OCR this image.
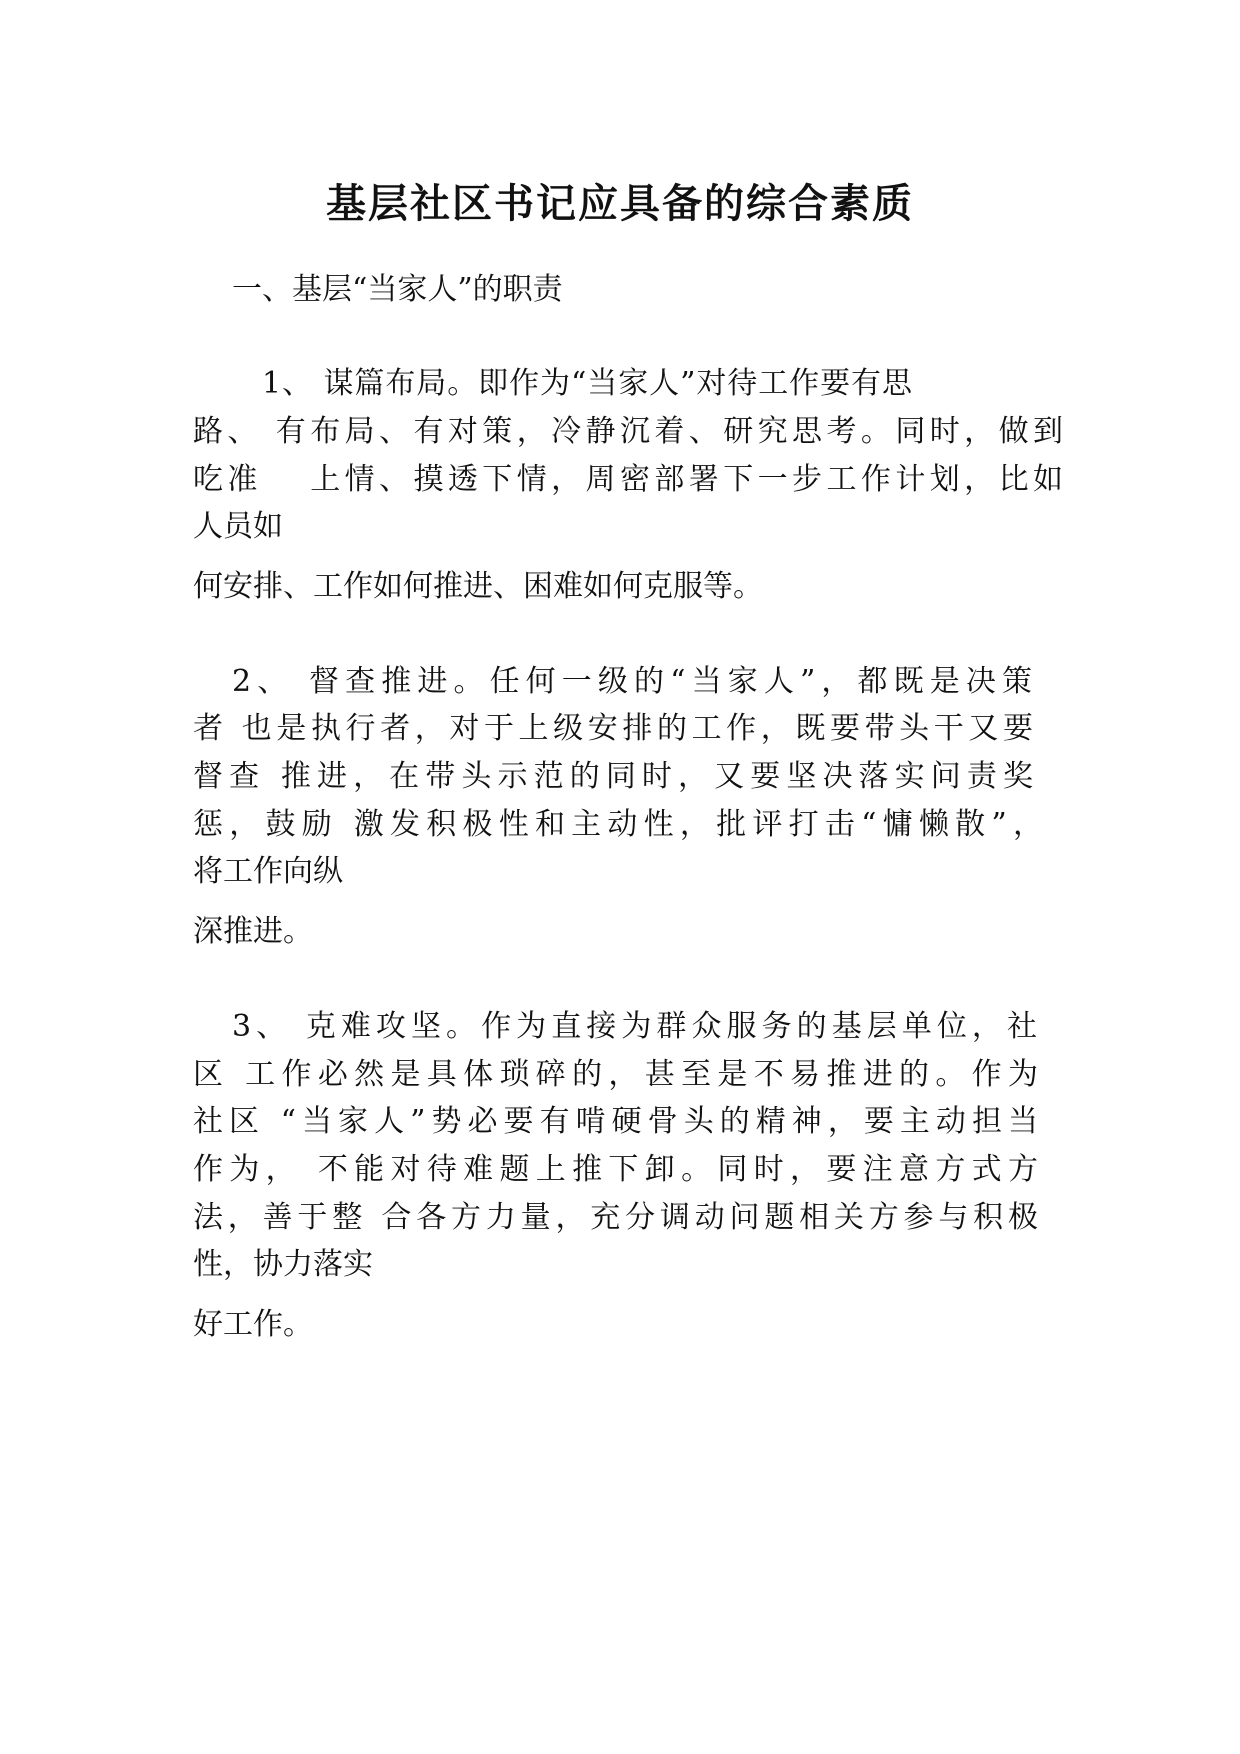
基层社区书记应具备的综合素质
一、基层“当家人”的职责
1、 谋篇布局。即作为“当家人”对待工作要有思
路、 有布局、有对策，冷静沉着、研究思考。同时，做到
吃准　 上情、摸透下情，周密部署下一步工作计划，比如
人员如
何安排、工作如何推进、困难如何克服等。
2、 督查推进。任何一级的“当家人”，都既是决策
者 也是执行者，对于上级安排的工作，既要带头干又要
督查 推进，在带头示范的同时，又要坚决落实问责奖
惩，鼓励 激发积极性和主动性，批评打击“慵懒散”，
将工作向纵
深推进。
3、 克难攻坚。作为直接为群众服务的基层单位，社
区 工作必然是具体琐碎的，甚至是不易推进的。作为
社区 “当家人”势必要有啃硬骨头的精神，要主动担当
作为， 不能对待难题上推下卸。同时，要注意方式方
法，善于整 合各方力量，充分调动问题相关方参与积极
性，协力落实
好工作。
